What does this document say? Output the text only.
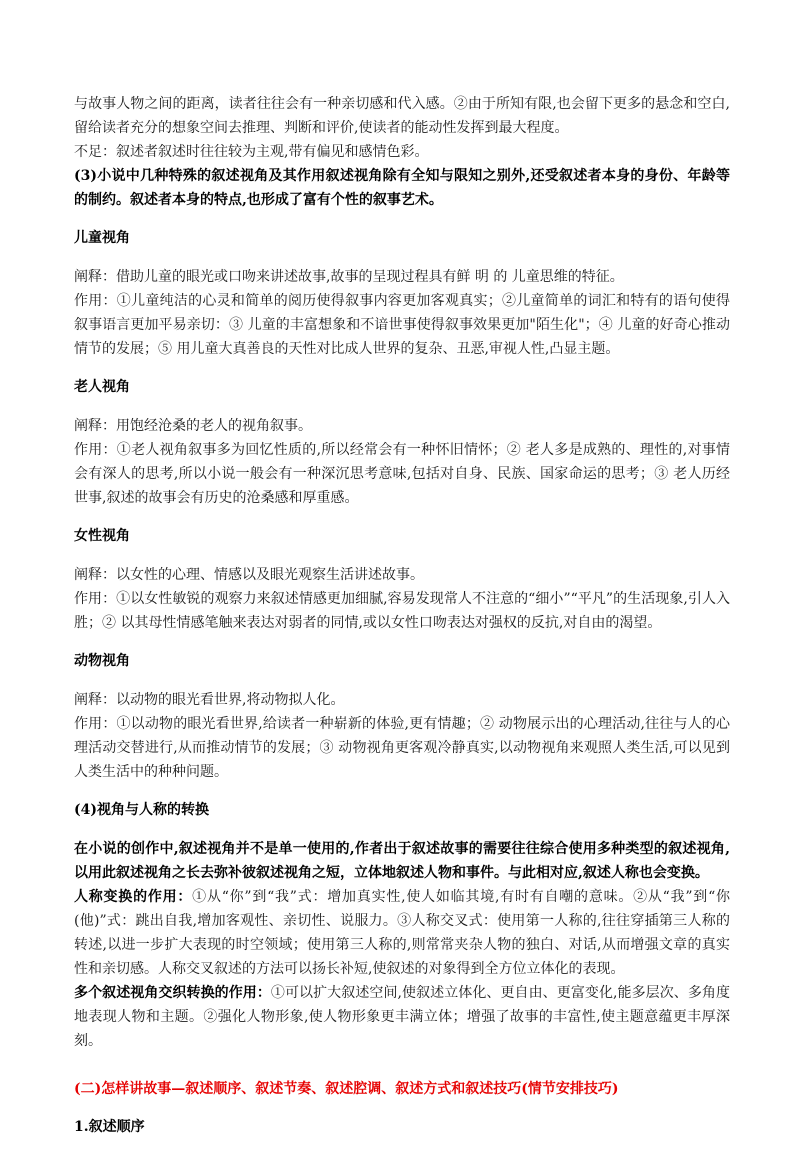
与故事人物之间的距离，读者往往会有一种亲切感和代入感。②由于所知有限,也会留下更多的悬念和空白,留给读者充分的想象空间去推理、判断和评价,使读者的能动性发挥到最大程度。

不足：叙述者叙述时往往较为主观,带有偏见和感情色彩。

(3)小说中几种特殊的叙述视角及其作用叙述视角除有全知与限知之别外,还受叙述者本身的身份、年龄等的制约。叙述者本身的特点,也形成了富有个性的叙事艺术。

儿童视角

阐释：借助儿童的眼光或口吻来讲述故事,故事的呈现过程具有鲜 明 的 儿童思维的特征。

作用：①儿童纯洁的心灵和简单的阅历使得叙事内容更加客观真实；②儿童简单的词汇和特有的语句使得叙事语言更加平易亲切：③ 儿童的丰富想象和不谙世事使得叙事效果更加"陌生化"；④ 儿童的好奇心推动情节的发展；⑤ 用儿童大真善良的天性对比成人世界的复杂、丑恶,审视人性,凸显主题。

老人视角

阐释：用饱经沧桑的老人的视角叙事。

作用：①老人视角叙事多为回忆性质的,所以经常会有一种怀旧情怀；② 老人多是成熟的、理性的,对事情会有深人的思考,所以小说一般会有一种深沉思考意味,包括对自身、民族、国家命运的思考；③ 老人历经世事,叙述的故事会有历史的沧桑感和厚重感。

女性视角

阐释：以女性的心理、情感以及眼光观察生活讲述故事。

作用：①以女性敏锐的观察力来叙述情感更加细腻,容易发现常人不注意的“细小”“平凡”的生活现象,引人入胜；② 以其母性情感笔触来表达对弱者的同情,或以女性口吻表达对强权的反抗,对自由的渴望。

动物视角

阐释：以动物的眼光看世界,将动物拟人化。

作用：①以动物的眼光看世界,给读者一种崭新的体验,更有情趣；② 动物展示出的心理活动,往往与人的心理活动交替进行,从而推动情节的发展；③ 动物视角更客观冷静真实,以动物视角来观照人类生活,可以见到人类生活中的种种问题。

(4)视角与人称的转换

在小说的创作中,叙述视角并不是单一使用的,作者出于叙述故事的需要往往综合使用多种类型的叙述视角,以用此叙述视角之长去弥补彼叙述视角之短，立体地叙述人物和事件。与此相对应,叙述人称也会变换。

人称变换的作用：①从“你”到“我”式：增加真实性,使人如临其境,有时有自嘲的意味。②从“我”到“你(他)”式：跳出自我,增加客观性、亲切性、说服力。③人称交叉式：使用第一人称的,往往穿插第三人称的转述,以进一步扩大表现的时空领域；使用第三人称的,则常常夹杂人物的独白、对话,从而增强文章的真实性和亲切感。人称交叉叙述的方法可以扬长补短,使叙述的对象得到全方位立体化的表现。

多个叙述视角交织转换的作用：①可以扩大叙述空间,使叙述立体化、更自由、更富变化,能多层次、多角度地表现人物和主题。②强化人物形象,使人物形象更丰满立体；增强了故事的丰富性,使主题意蕴更丰厚深刻。

(二)怎样讲故事—叙述顺序、叙述节奏、叙述腔调、叙述方式和叙述技巧(情节安排技巧)

1.叙述顺序
